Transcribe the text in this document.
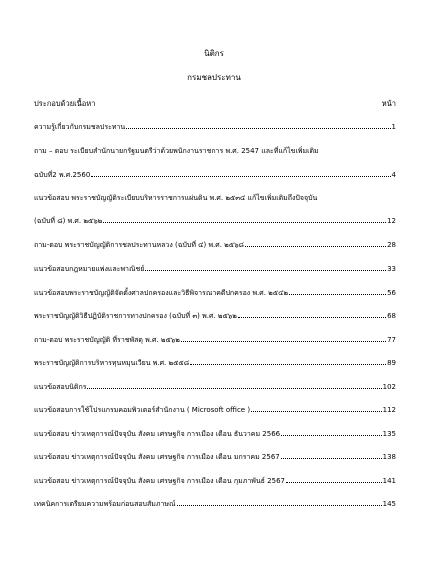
นิติกร
กรมชลประทาน
ประกอบด้วยเนื้อหา	หน้า
ความรู้เกี่ยวกับกรมชลประทาน	1
ถาม – ตอบ ระเบียบสำนักนายกรัฐมนตรีว่าด้วยพนักงานราชการ พ.ศ. 2547 และที่แก้ไขเพิ่มเติม
ฉบับที่2 พ.ศ.2560	4
แนวข้อสอบ พระราชบัญญัติระเบียบบริหารราชการแผ่นดิน พ.ศ. ๒๕๓๔ แก้ไขเพิ่มเติมถึงปัจจุบัน
(ฉบับที่ ๘) พ.ศ. ๒๕๖๒	12
ถาม-ตอบ พระราชบัญญัติการชลประทานหลวง (ฉบับที่ ๔) พ.ศ. ๒๕๖๘	28
แนวข้อสอบกฎหมายแพ่งและพาณิชย์	33
แนวข้อสอบพระราชบัญญัติจัดตั้งศาลปกครองและวิธีพิจารณาคดีปกครอง พ.ศ. ๒๕๔๒	56
พระราชบัญญัติวิธีปฏิบัติราชการทางปกครอง (ฉบับที่ ๓) พ.ศ. ๒๕๖๒	68
ถาม-ตอบ พระราชบัญญัติ ที่ราชพัสดุ พ.ศ. ๒๕๖๒	77
พระราชบัญญัติการบริหารทุนหมุนเวียน พ.ศ. ๒๕๕๘	89
แนวข้อสอบนิติกร	102
แนวข้อสอบการใช้โปรแกรมคอมพิวเตอร์สำนักงาน ( Microsoft office )	112
แนวข้อสอบ ข่าวเหตุการณ์ปัจจุบัน สังคม เศรษฐกิจ การเมือง เดือน ธันวาคม 2566	135
แนวข้อสอบ ข่าวเหตุการณ์ปัจจุบัน สังคม เศรษฐกิจ การเมือง เดือน มกราคม 2567	138
แนวข้อสอบ ข่าวเหตุการณ์ปัจจุบัน สังคม เศรษฐกิจ การเมือง เดือน กุมภาพันธ์ 2567	141
เทคนิคการเตรียมความพร้อมก่อนสอบสัมภาษณ์	145
